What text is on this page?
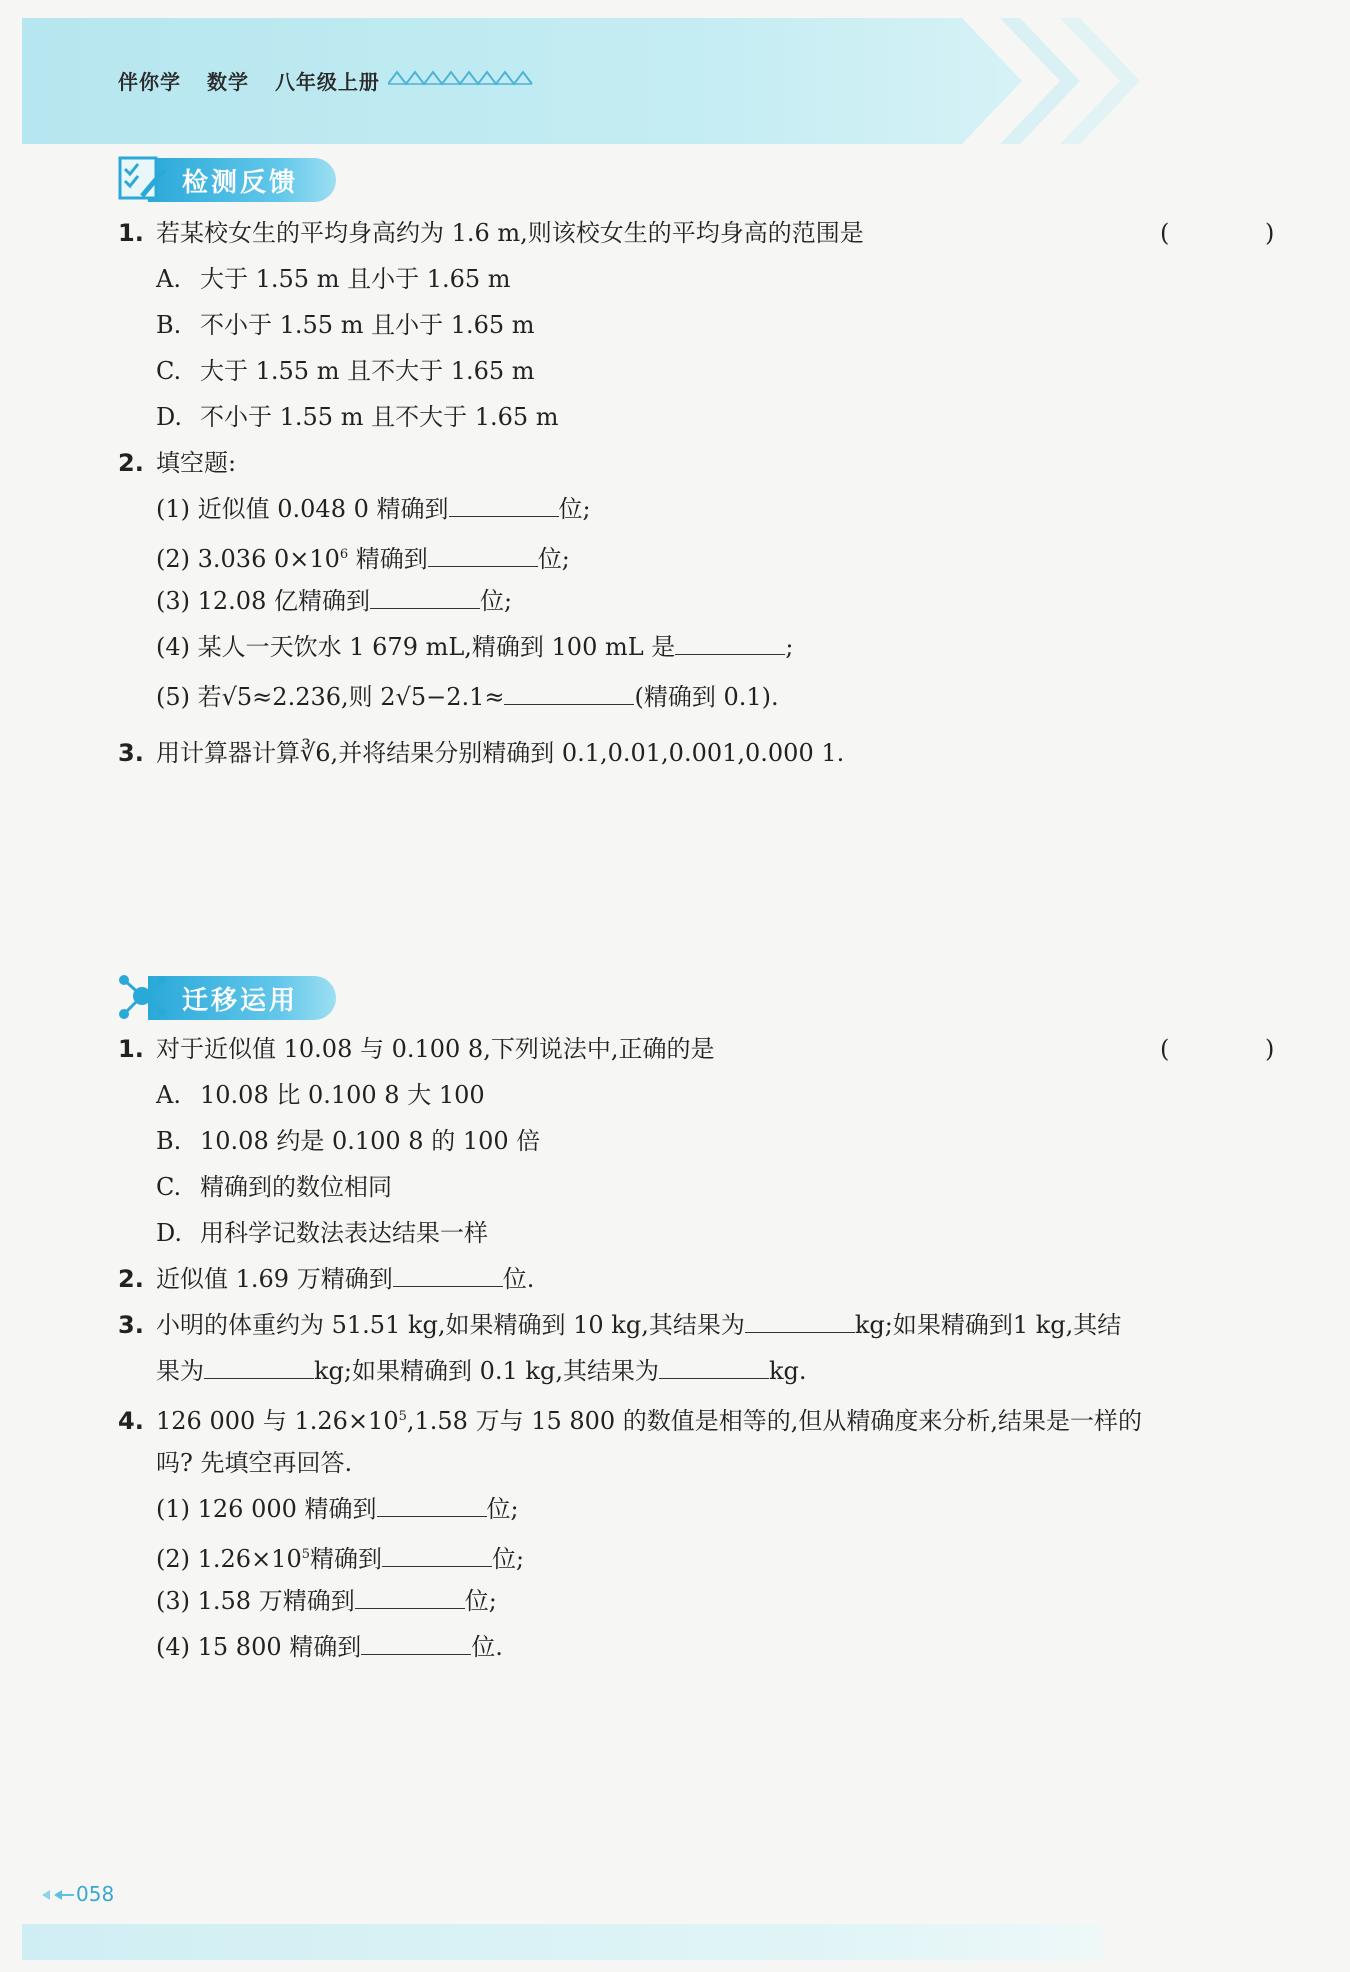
伴你学 数学 八年级上册
检测反馈
1. 若某校女生的平均身高约为 1.6 m,则该校女生的平均身高的范围是	( )
A. 大于 1.55 m 且小于 1.65 m
B. 不小于 1.55 m 且小于 1.65 m
C. 大于 1.55 m 且不大于 1.65 m
D. 不小于 1.55 m 且不大于 1.65 m
2. 填空题:
(1) 近似值 0.048 0 精确到	位;
(2) 3.036 $0\times 10^6$ 精确到	位;
(3) 12.08 亿精确到	位;
(4) 某人一天饮水 1 679 mL,精确到 100 mL 是	;
(5) 若√5≈2.236,则 2√5−2.1≈	(精确到 0.1).
3. 用计算器计算∛6,并将结果分别精确到 0.1,0.01,0.001,0.000 1.
迁移运用
1. 对于近似值 10.08 与 0.100 8,下列说法中,正确的是	( )
A. 10.08 比 0.100 8 大 100
B. 10.08 约是 0.100 8 的 100 倍
C. 精确到的数位相同
D. 用科学记数法表达结果一样
2. 近似值 1.69 万精确到	位.
3. 小明的体重约为 51.51 kg,如果精确到 10 kg,其结果为	kg;如果精确到1 kg,其结
果为	kg;如果精确到 0.1 kg,其结果为	kg.
4. 126 000 与 $1.26\times 10^5,1.58$ 万与 15 800 的数值是相等的,但从精确度来分析,结果是一样的
吗? 先填空再回答.
(1) 126 000 精确到	位;
(2) $1.26\times 10^5$精确到	位;
(3) 1.58 万精确到	位;
(4) 15 800 精确到	位.
058
